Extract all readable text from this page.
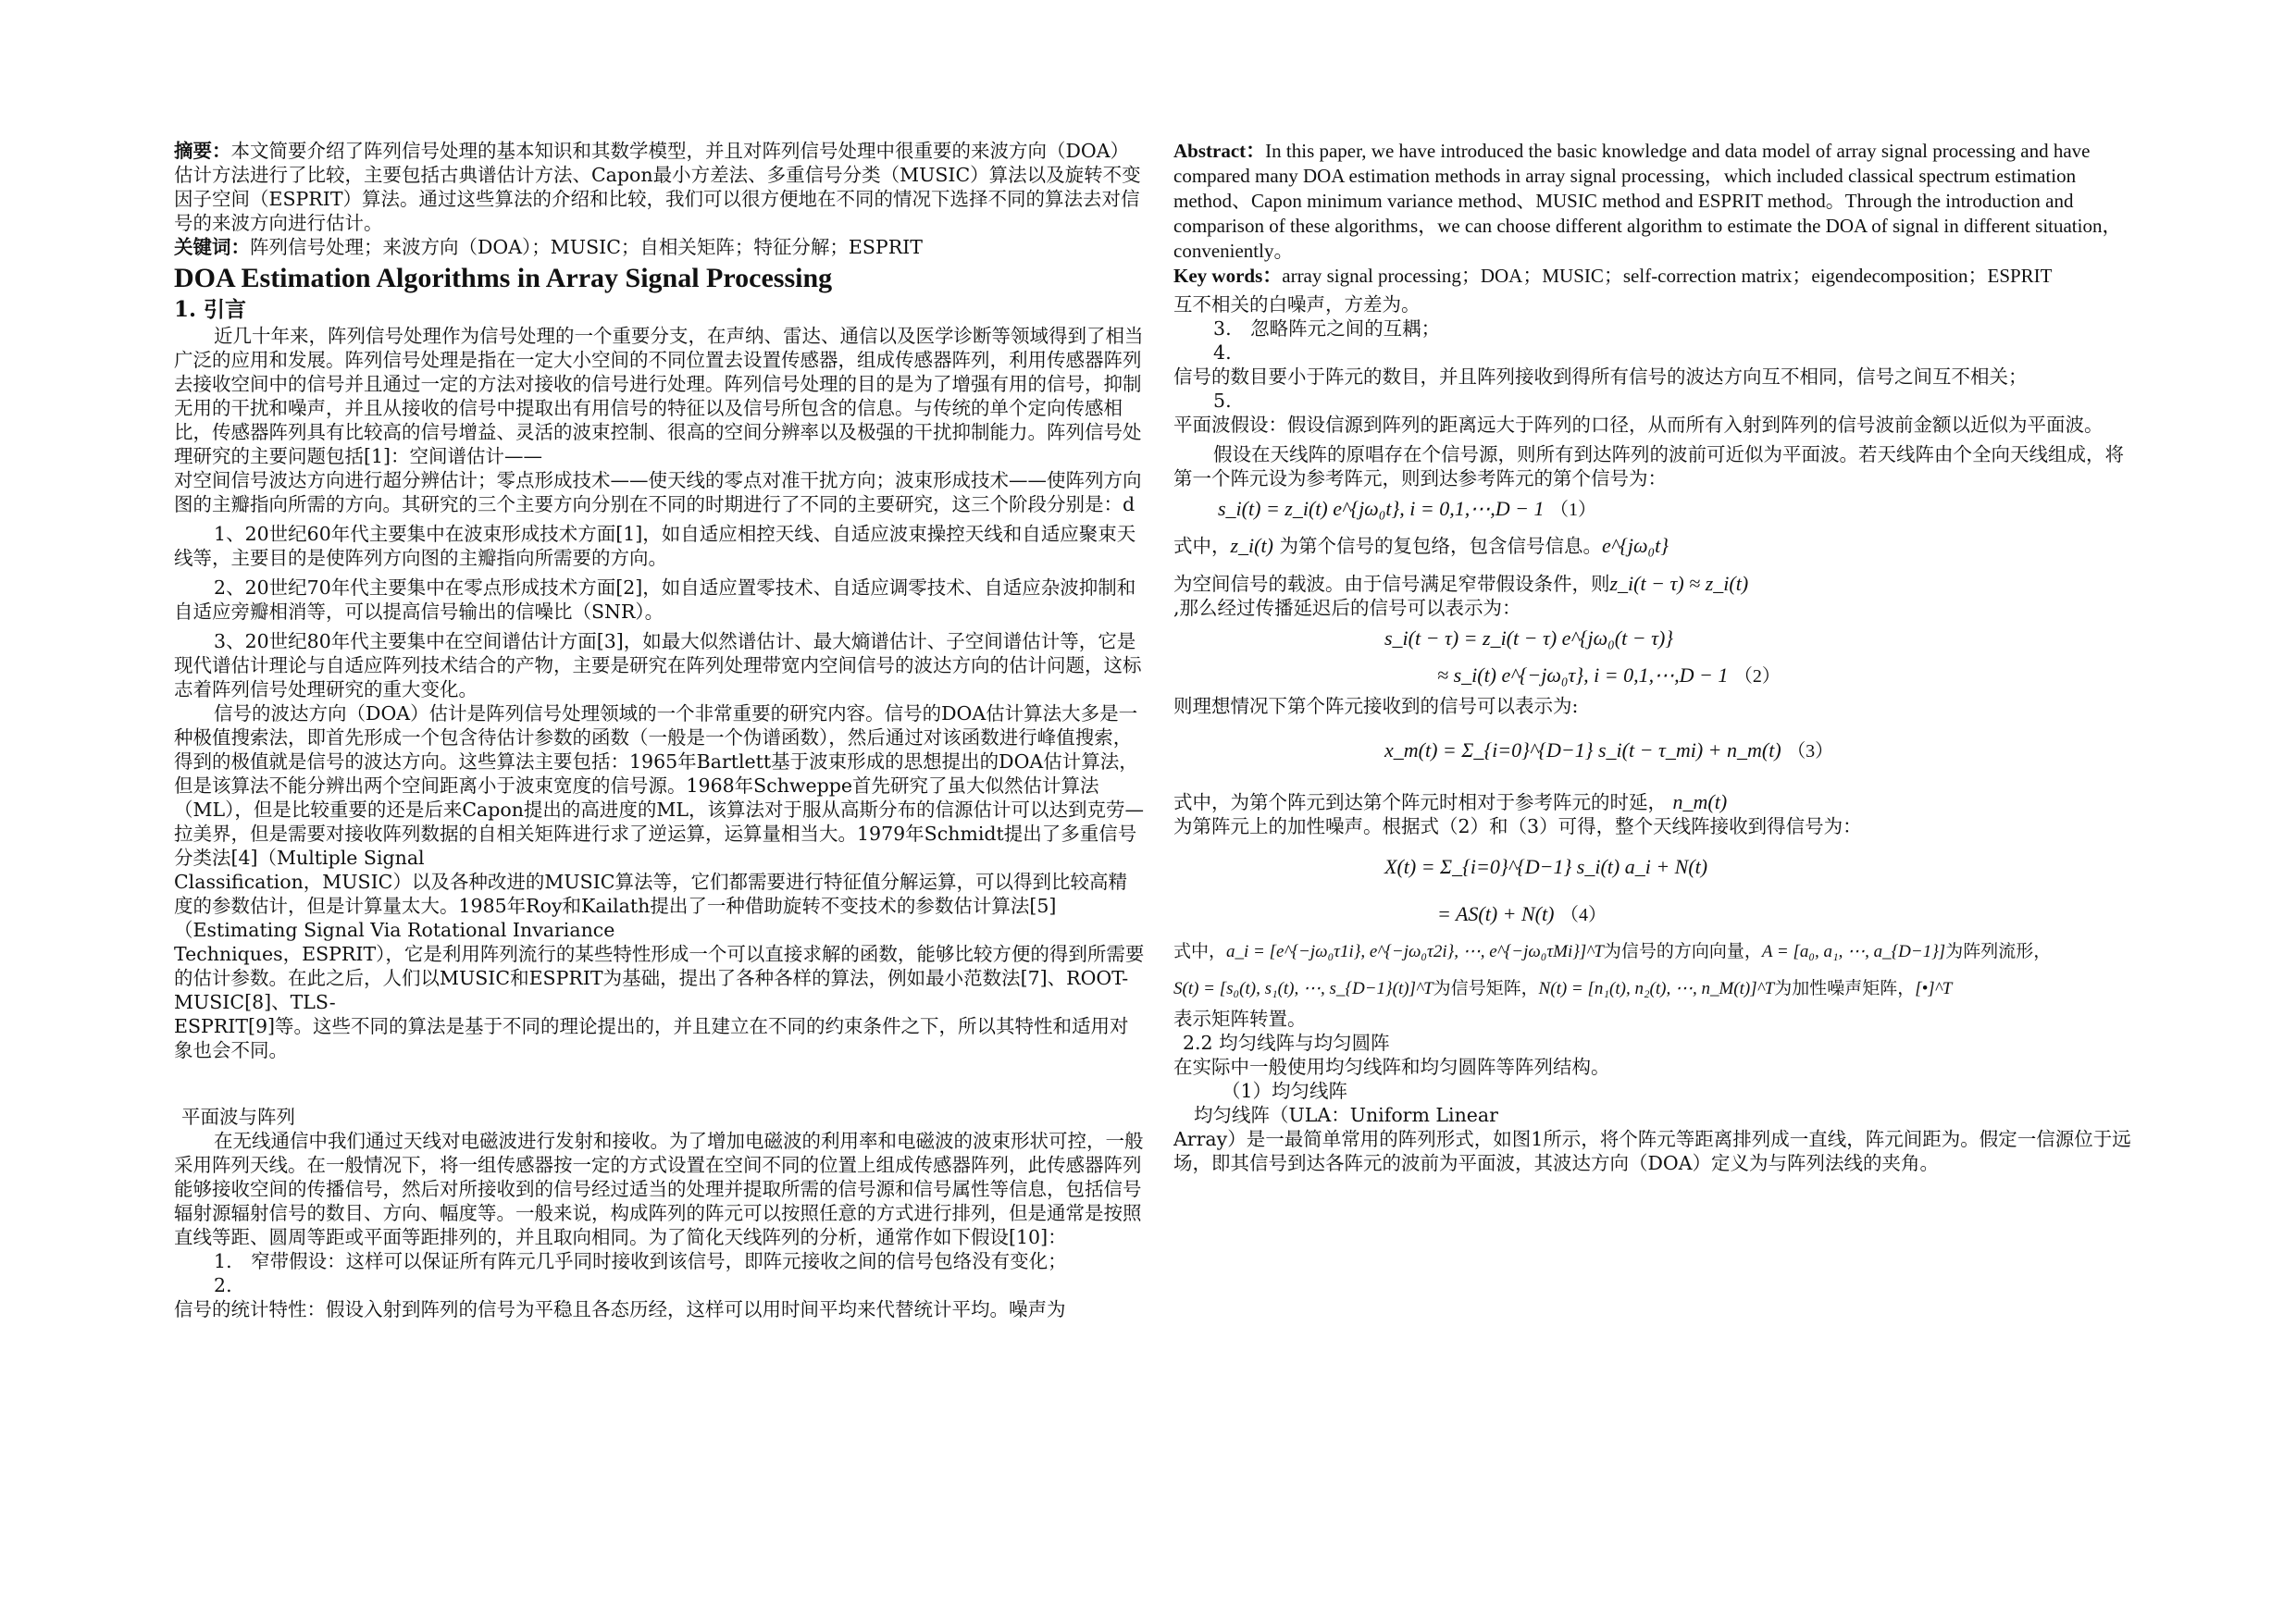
摘要：本文简要介绍了阵列信号处理的基本知识和其数学模型，并且对阵列信号处理中很重要的来波方向（DOA）估计方法进行了比较，主要包括古典谱估计方法、Capon最小方差法、多重信号分类（MUSIC）算法以及旋转不变因子空间（ESPRIT）算法。通过这些算法的介绍和比较，我们可以很方便地在不同的情况下选择不同的算法去对信号的来波方向进行估计。

关键词：阵列信号处理；来波方向（DOA）；MUSIC；自相关矩阵；特征分解；ESPRIT

DOA Estimation Algorithms in Array Signal Processing

1. 引言

近几十年来，阵列信号处理作为信号处理的一个重要分支，在声纳、雷达、通信以及医学诊断等领域得到了相当广泛的应用和发展。阵列信号处理是指在一定大小空间的不同位置去设置传感器，组成传感器阵列，利用传感器阵列去接收空间中的信号并且通过一定的方法对接收的信号进行处理。阵列信号处理的目的是为了增强有用的信号，抑制无用的干扰和噪声，并且从接收的信号中提取出有用信号的特征以及信号所包含的信息。与传统的单个定向传感相比，传感器阵列具有比较高的信号增益、灵活的波束控制、很高的空间分辨率以及极强的干扰抑制能力。阵列信号处理研究的主要问题包括[1]：空间谱估计——

对空间信号波达方向进行超分辨估计；零点形成技术——使天线的零点对准干扰方向；波束形成技术——使阵列方向图的主瓣指向所需的方向。其研究的三个主要方向分别在不同的时期进行了不同的主要研究，这三个阶段分别是：d

1、20世纪60年代主要集中在波束形成技术方面[1]，如自适应相控天线、自适应波束操控天线和自适应聚束天线等，主要目的是使阵列方向图的主瓣指向所需要的方向。

2、20世纪70年代主要集中在零点形成技术方面[2]，如自适应置零技术、自适应调零技术、自适应杂波抑制和自适应旁瓣相消等，可以提高信号输出的信噪比（SNR）。

3、20世纪80年代主要集中在空间谱估计方面[3]，如最大似然谱估计、最大熵谱估计、子空间谱估计等，它是现代谱估计理论与自适应阵列技术结合的产物，主要是研究在阵列处理带宽内空间信号的波达方向的估计问题，这标志着阵列信号处理研究的重大变化。

信号的波达方向（DOA）估计是阵列信号处理领域的一个非常重要的研究内容。信号的DOA估计算法大多是一种极值搜索法，即首先形成一个包含待估计参数的函数（一般是一个伪谱函数），然后通过对该函数进行峰值搜索，得到的极值就是信号的波达方向。这些算法主要包括：1965年Bartlett基于波束形成的思想提出的DOA估计算法，但是该算法不能分辨出两个空间距离小于波束宽度的信号源。1968年Schweppe首先研究了虽大似然估计算法（ML），但是比较重要的还是后来Capon提出的高进度的ML，该算法对于服从高斯分布的信源估计可以达到克劳—

拉美界，但是需要对接收阵列数据的自相关矩阵进行求了逆运算，运算量相当大。1979年Schmidt提出了多重信号分类法[4]（Multiple Signal

Classification，MUSIC）以及各种改进的MUSIC算法等，它们都需要进行特征值分解运算，可以得到比较高精度的参数估计，但是计算量太大。1985年Roy和Kailath提出了一种借助旋转不变技术的参数估计算法[5]（Estimating Signal Via Rotational Invariance

Techniques，ESPRIT），它是利用阵列流行的某些特性形成一个可以直接求解的函数，能够比较方便的得到所需要的估计参数。在此之后，人们以MUSIC和ESPRIT为基础，提出了各种各样的算法，例如最小范数法[7]、ROOT-MUSIC[8]、TLS-

ESPRIT[9]等。这些不同的算法是基于不同的理论提出的，并且建立在不同的约束条件之下，所以其特性和适用对象也会不同。

平面波与阵列

在无线通信中我们通过天线对电磁波进行发射和接收。为了增加电磁波的利用率和电磁波的波束形状可控，一般采用阵列天线。在一般情况下，将一组传感器按一定的方式设置在空间不同的位置上组成传感器阵列，此传感器阵列能够接收空间的传播信号，然后对所接收到的信号经过适当的处理并提取所需的信号源和信号属性等信息，包括信号辐射源辐射信号的数目、方向、幅度等。一般来说，构成阵列的阵元可以按照任意的方式进行排列，但是通常是按照直线等距、圆周等距或平面等距排列的，并且取向相同。为了简化天线阵列的分析，通常作如下假设[10]：

1.　窄带假设：这样可以保证所有阵元几乎同时接收到该信号，即阵元接收之间的信号包络没有变化；

2.

信号的统计特性：假设入射到阵列的信号为平稳且各态历经，这样可以用时间平均来代替统计平均。噪声为

Abstract：In this paper, we have introduced the basic knowledge and data model of array signal processing and have compared many DOA estimation methods in array signal processing，which included classical spectrum estimation method、Capon minimum variance method、MUSIC method and ESPRIT method。Through the introduction and comparison of these algorithms，we can choose different algorithm to estimate the DOA of signal in different situation，conveniently。

Key words：array signal processing；DOA；MUSIC；self-correction matrix；eigendecomposition；ESPRIT

互不相关的白噪声，方差为。

3.　忽略阵元之间的互耦；

4.

信号的数目要小于阵元的数目，并且阵列接收到得所有信号的波达方向互不相同，信号之间互不相关；

5.

平面波假设：假设信源到阵列的距离远大于阵列的口径，从而所有入射到阵列的信号波前金额以近似为平面波。

假设在天线阵的原唱存在个信号源，则所有到达阵列的波前可近似为平面波。若天线阵由个全向天线组成，将第一个阵元设为参考阵元，则到达参考阵元的第个信号为：

s_i(t) = z_i(t) e^{jω₀t}, i = 0,1,⋯,D − 1 （1）

式中，z_i(t) 为第个信号的复包络，包含信号信息。e^{jω₀t}

为空间信号的载波。由于信号满足窄带假设条件，则z_i(t − τ) ≈ z_i(t)

,那么经过传播延迟后的信号可以表示为：

s_i(t − τ) = z_i(t − τ) e^{jω₀(t − τ)}

≈ s_i(t) e^{−jω₀τ}, i = 0,1,⋯,D − 1 （2）

则理想情况下第个阵元接收到的信号可以表示为:

x_m(t) = Σ_{i=0}^{D−1} s_i(t − τ_mi) + n_m(t) （3）

式中，为第个阵元到达第个阵元时相对于参考阵元的时延， n_m(t)

为第阵元上的加性噪声。根据式（2）和（3）可得，整个天线阵接收到得信号为：

X(t) = Σ_{i=0}^{D−1} s_i(t) a_i + N(t)

= AS(t) + N(t) （4）

式中，a_i = [e^{−jω₀τ1i}, e^{−jω₀τ2i}, ⋯, e^{−jω₀τMi}]^T为信号的方向向量，A = [a₀, a₁, ⋯, a_{D−1}]为阵列流形，

S(t) = [s₀(t), s₁(t), ⋯, s_{D−1}(t)]^T为信号矩阵，N(t) = [n₁(t), n₂(t), ⋯, n_M(t)]^T为加性噪声矩阵，[•]^T

表示矩阵转置。

2.2 均匀线阵与均匀圆阵

在实际中一般使用均匀线阵和均匀圆阵等阵列结构。

（1）均匀线阵

均匀线阵（ULA：Uniform Linear

Array）是一最简单常用的阵列形式，如图1所示，将个阵元等距离排列成一直线，阵元间距为。假定一信源位于远场，即其信号到达各阵元的波前为平面波，其波达方向（DOA）定义为与阵列法线的夹角。
